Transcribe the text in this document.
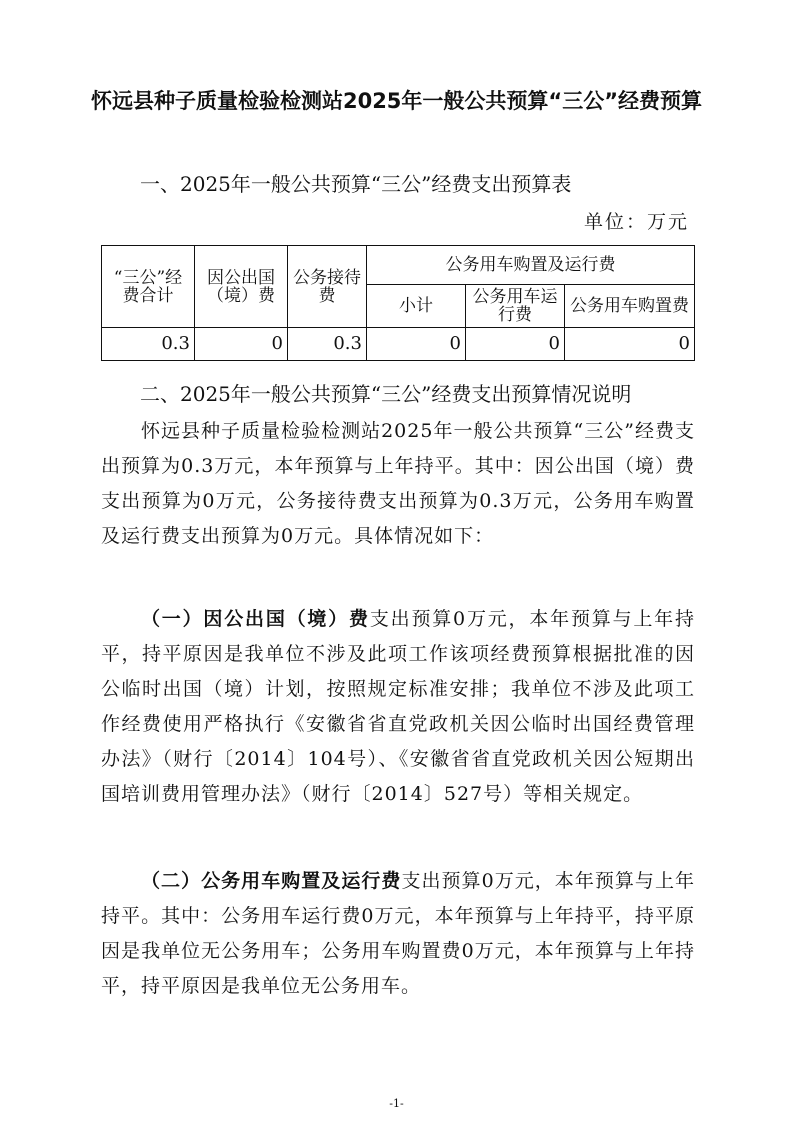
怀远县种子质量检验检测站2025年一般公共预算“三公”经费预算
一、2025年一般公共预算“三公”经费支出预算表
单位：万元
“三公”经费合计	因公出国（境）费	公务接待费	公务用车购置及运行费		
			小计	公务用车运行费	公务用车购置费
0.3	0	0.3	0	0	0
二、2025年一般公共预算“三公”经费支出预算情况说明

怀远县种子质量检验检测站2025年一般公共预算“三公”经费支出预算为0.3万元，本年预算与上年持平。其中：因公出国（境）费支出预算为0万元，公务接待费支出预算为0.3万元，公务用车购置及运行费支出预算为0万元。具体情况如下：

（一）因公出国（境）费支出预算0万元，本年预算与上年持平，持平原因是我单位不涉及此项工作该项经费预算根据批准的因公临时出国（境）计划，按照规定标准安排；我单位不涉及此项工作经费使用严格执行《安徽省省直党政机关因公临时出国经费管理办法》（财行〔2014〕104号）、《安徽省省直党政机关因公短期出国培训费用管理办法》（财行〔2014〕527号）等相关规定。

（二）公务用车购置及运行费支出预算0万元，本年预算与上年持平。其中：公务用车运行费0万元，本年预算与上年持平，持平原因是我单位无公务用车；公务用车购置费0万元，本年预算与上年持平，持平原因是我单位无公务用车。

-1-
